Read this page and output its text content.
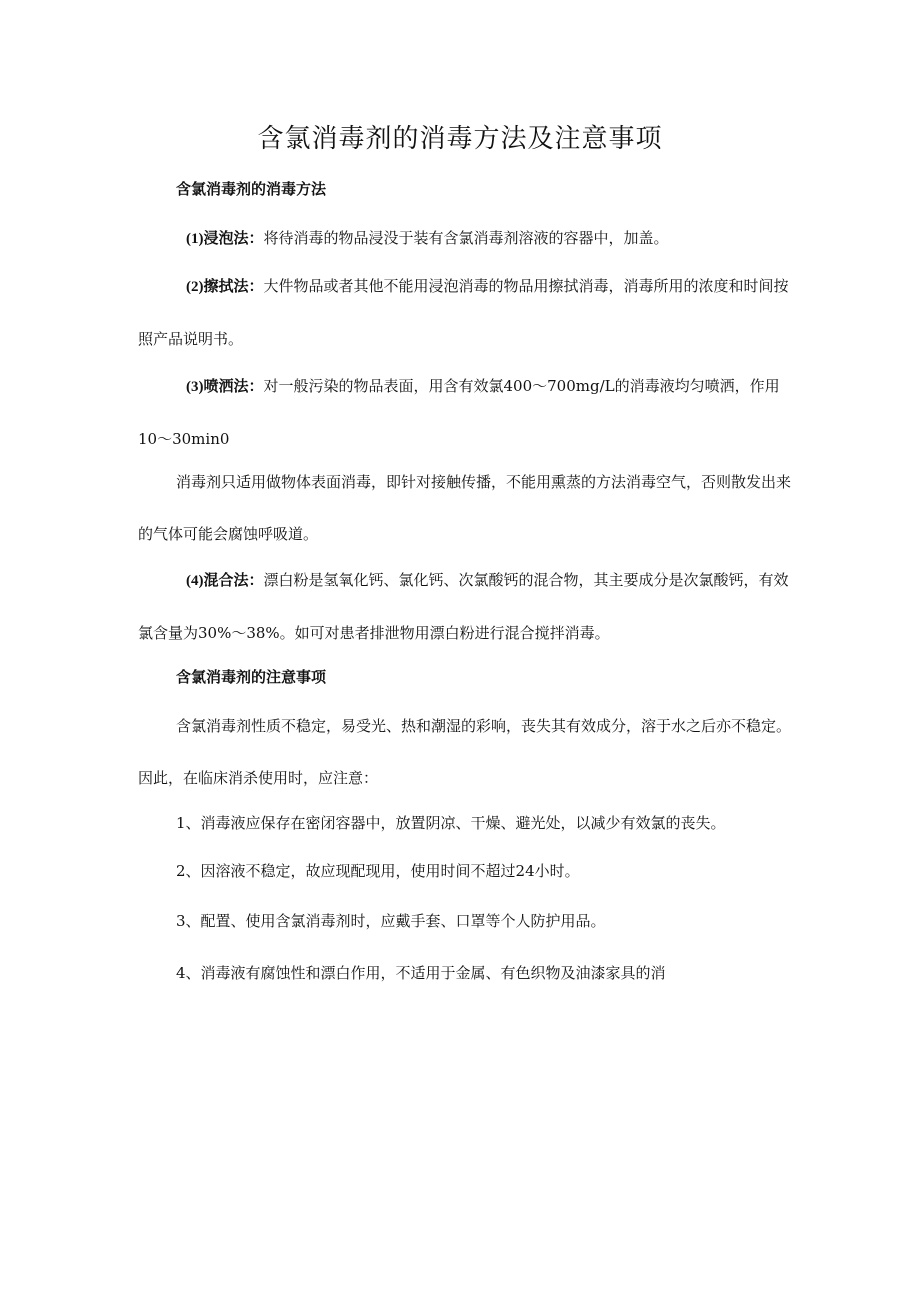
含氯消毒剂的消毒方法及注意事项

含氯消毒剂的消毒方法

(1)浸泡法：将待消毒的物品浸没于装有含氯消毒剂溶液的容器中，加盖。

(2)擦拭法：大件物品或者其他不能用浸泡消毒的物品用擦拭消毒，消毒所用的浓度和时间按照产品说明书。

(3)喷洒法：对一般污染的物品表面，用含有效氯400～700mg/L的消毒液均匀喷洒，作用10～30min0

消毒剂只适用做物体表面消毒，即针对接触传播，不能用熏蒸的方法消毒空气，否则散发出来的气体可能会腐蚀呼吸道。

(4)混合法：漂白粉是氢氧化钙、氯化钙、次氯酸钙的混合物，其主要成分是次氯酸钙，有效氯含量为30%～38%。如可对患者排泄物用漂白粉进行混合搅拌消毒。

含氯消毒剂的注意事项

含氯消毒剂性质不稳定，易受光、热和潮湿的彩响，丧失其有效成分，溶于水之后亦不稳定。因此，在临床消杀使用时，应注意：

1、消毒液应保存在密闭容器中，放置阴凉、干燥、避光处，以减少有效氯的丧失。

2、因溶液不稳定，故应现配现用，使用时间不超过24小时。

3、配置、使用含氯消毒剂时，应戴手套、口罩等个人防护用品。

4、消毒液有腐蚀性和漂白作用，不适用于金属、有色织物及油漆家具的消
